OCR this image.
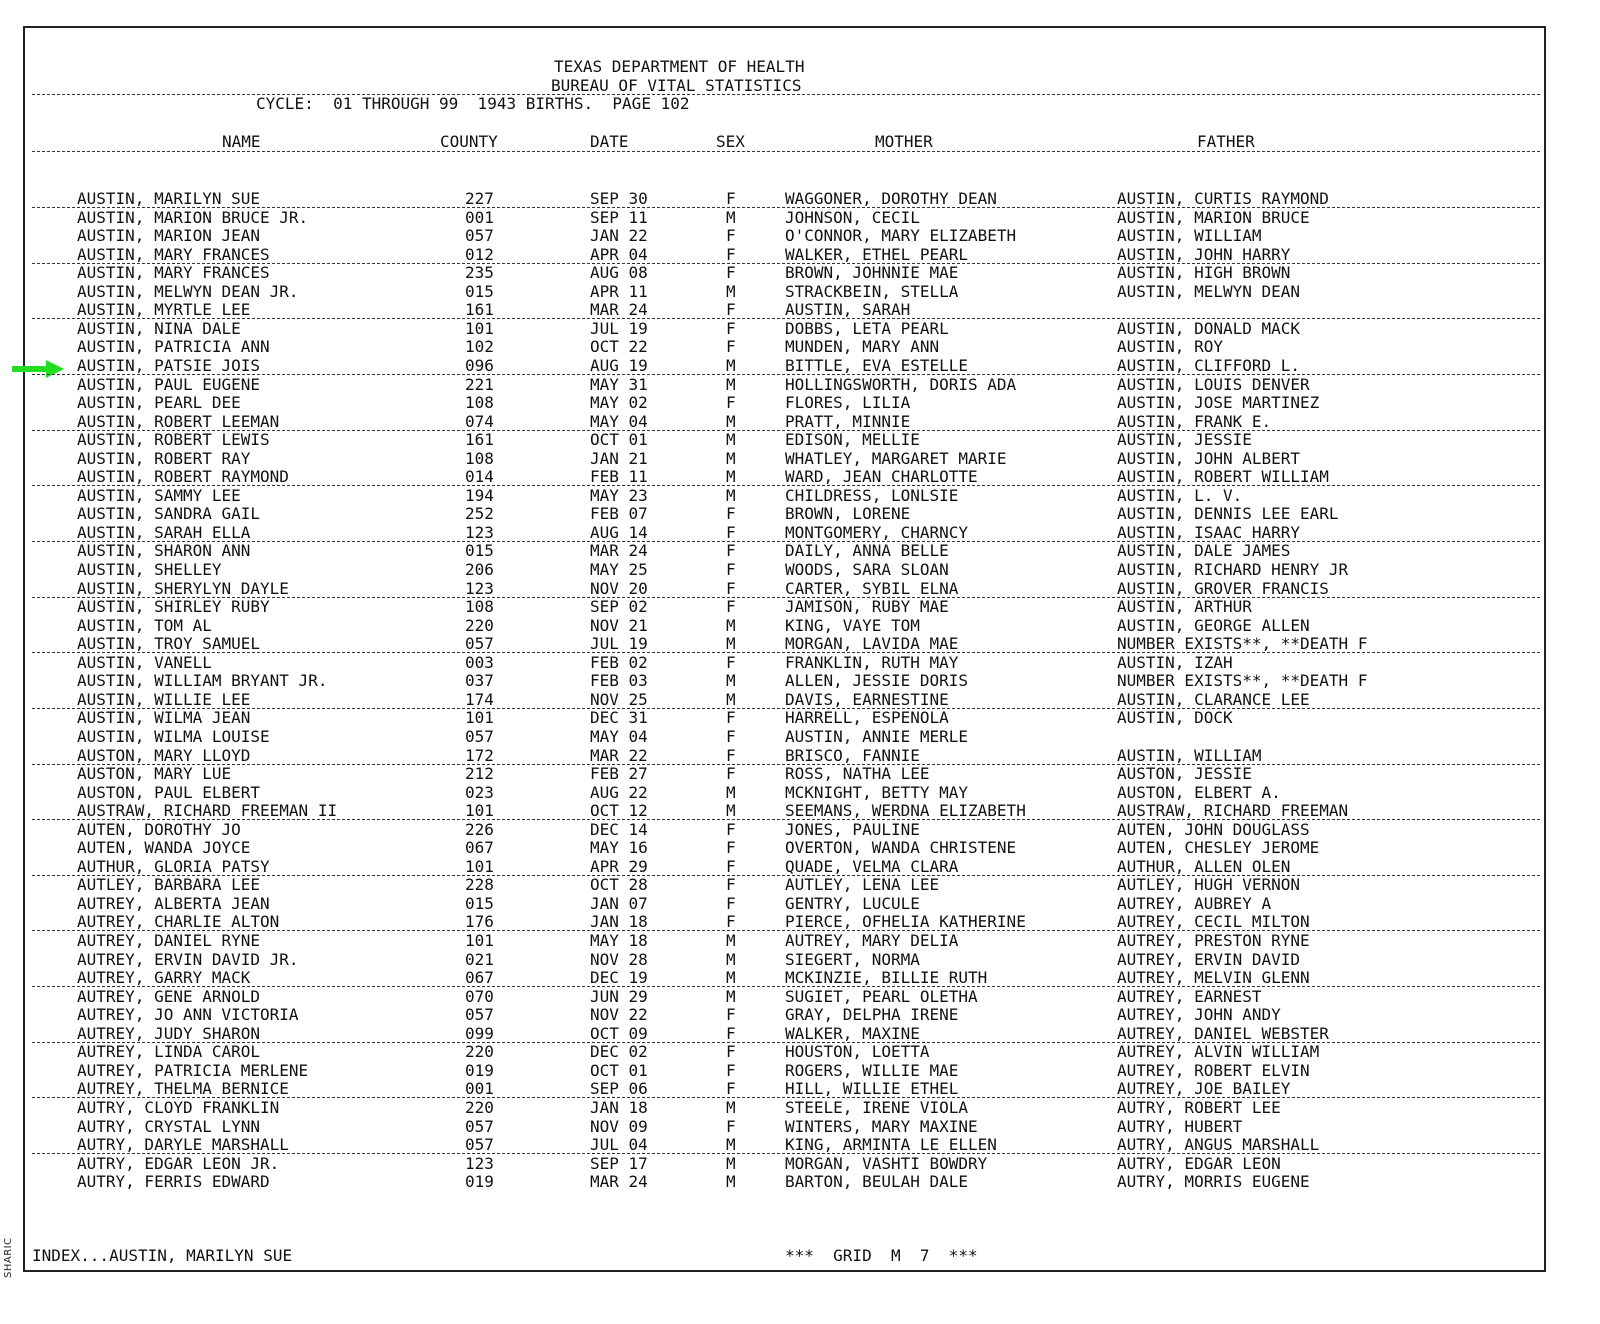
SHARIC
TEXAS DEPARTMENT OF HEALTH
BUREAU OF VITAL STATISTICS
CYCLE:  01 THROUGH 99  1943 BIRTHS.  PAGE 102
NAME	COUNTY	DATE	SEX	MOTHER	FATHER
AUSTIN, MARILYN SUE	227	SEP 30	F	WAGGONER, DOROTHY DEAN	AUSTIN, CURTIS RAYMOND
AUSTIN, MARION BRUCE JR.	001	SEP 11	M	JOHNSON, CECIL	AUSTIN, MARION BRUCE
AUSTIN, MARION JEAN	057	JAN 22	F	O'CONNOR, MARY ELIZABETH	AUSTIN, WILLIAM
AUSTIN, MARY FRANCES	012	APR 04	F	WALKER, ETHEL PEARL	AUSTIN, JOHN HARRY
AUSTIN, MARY FRANCES	235	AUG 08	F	BROWN, JOHNNIE MAE	AUSTIN, HIGH BROWN
AUSTIN, MELWYN DEAN JR.	015	APR 11	M	STRACKBEIN, STELLA	AUSTIN, MELWYN DEAN
AUSTIN, MYRTLE LEE	161	MAR 24	F	AUSTIN, SARAH
AUSTIN, NINA DALE	101	JUL 19	F	DOBBS, LETA PEARL	AUSTIN, DONALD MACK
AUSTIN, PATRICIA ANN	102	OCT 22	F	MUNDEN, MARY ANN	AUSTIN, ROY
AUSTIN, PATSIE JOIS	096	AUG 19	M	BITTLE, EVA ESTELLE	AUSTIN, CLIFFORD L.
AUSTIN, PAUL EUGENE	221	MAY 31	M	HOLLINGSWORTH, DORIS ADA	AUSTIN, LOUIS DENVER
AUSTIN, PEARL DEE	108	MAY 02	F	FLORES, LILIA	AUSTIN, JOSE MARTINEZ
AUSTIN, ROBERT LEEMAN	074	MAY 04	M	PRATT, MINNIE	AUSTIN, FRANK E.
AUSTIN, ROBERT LEWIS	161	OCT 01	M	EDISON, MELLIE	AUSTIN, JESSIE
AUSTIN, ROBERT RAY	108	JAN 21	M	WHATLEY, MARGARET MARIE	AUSTIN, JOHN ALBERT
AUSTIN, ROBERT RAYMOND	014	FEB 11	M	WARD, JEAN CHARLOTTE	AUSTIN, ROBERT WILLIAM
AUSTIN, SAMMY LEE	194	MAY 23	M	CHILDRESS, LONLSIE	AUSTIN, L. V.
AUSTIN, SANDRA GAIL	252	FEB 07	F	BROWN, LORENE	AUSTIN, DENNIS LEE EARL
AUSTIN, SARAH ELLA	123	AUG 14	F	MONTGOMERY, CHARNCY	AUSTIN, ISAAC HARRY
AUSTIN, SHARON ANN	015	MAR 24	F	DAILY, ANNA BELLE	AUSTIN, DALE JAMES
AUSTIN, SHELLEY	206	MAY 25	F	WOODS, SARA SLOAN	AUSTIN, RICHARD HENRY JR
AUSTIN, SHERYLYN DAYLE	123	NOV 20	F	CARTER, SYBIL ELNA	AUSTIN, GROVER FRANCIS
AUSTIN, SHIRLEY RUBY	108	SEP 02	F	JAMISON, RUBY MAE	AUSTIN, ARTHUR
AUSTIN, TOM AL	220	NOV 21	M	KING, VAYE TOM	AUSTIN, GEORGE ALLEN
AUSTIN, TROY SAMUEL	057	JUL 19	M	MORGAN, LAVIDA MAE	NUMBER EXISTS**, **DEATH F
AUSTIN, VANELL	003	FEB 02	F	FRANKLIN, RUTH MAY	AUSTIN, IZAH
AUSTIN, WILLIAM BRYANT JR.	037	FEB 03	M	ALLEN, JESSIE DORIS	NUMBER EXISTS**, **DEATH F
AUSTIN, WILLIE LEE	174	NOV 25	M	DAVIS, EARNESTINE	AUSTIN, CLARANCE LEE
AUSTIN, WILMA JEAN	101	DEC 31	F	HARRELL, ESPENOLA	AUSTIN, DOCK
AUSTIN, WILMA LOUISE	057	MAY 04	F	AUSTIN, ANNIE MERLE
AUSTON, MARY LLOYD	172	MAR 22	F	BRISCO, FANNIE	AUSTIN, WILLIAM
AUSTON, MARY LUE	212	FEB 27	F	ROSS, NATHA LEE	AUSTON, JESSIE
AUSTON, PAUL ELBERT	023	AUG 22	M	MCKNIGHT, BETTY MAY	AUSTON, ELBERT A.
AUSTRAW, RICHARD FREEMAN II	101	OCT 12	M	SEEMANS, WERDNA ELIZABETH	AUSTRAW, RICHARD FREEMAN
AUTEN, DOROTHY JO	226	DEC 14	F	JONES, PAULINE	AUTEN, JOHN DOUGLASS
AUTEN, WANDA JOYCE	067	MAY 16	F	OVERTON, WANDA CHRISTENE	AUTEN, CHESLEY JEROME
AUTHUR, GLORIA PATSY	101	APR 29	F	QUADE, VELMA CLARA	AUTHUR, ALLEN OLEN
AUTLEY, BARBARA LEE	228	OCT 28	F	AUTLEY, LENA LEE	AUTLEY, HUGH VERNON
AUTREY, ALBERTA JEAN	015	JAN 07	F	GENTRY, LUCULE	AUTREY, AUBREY A
AUTREY, CHARLIE ALTON	176	JAN 18	F	PIERCE, OFHELIA KATHERINE	AUTREY, CECIL MILTON
AUTREY, DANIEL RYNE	101	MAY 18	M	AUTREY, MARY DELIA	AUTREY, PRESTON RYNE
AUTREY, ERVIN DAVID JR.	021	NOV 28	M	SIEGERT, NORMA	AUTREY, ERVIN DAVID
AUTREY, GARRY MACK	067	DEC 19	M	MCKINZIE, BILLIE RUTH	AUTREY, MELVIN GLENN
AUTREY, GENE ARNOLD	070	JUN 29	M	SUGIET, PEARL OLETHA	AUTREY, EARNEST
AUTREY, JO ANN VICTORIA	057	NOV 22	F	GRAY, DELPHA IRENE	AUTREY, JOHN ANDY
AUTREY, JUDY SHARON	099	OCT 09	F	WALKER, MAXINE	AUTREY, DANIEL WEBSTER
AUTREY, LINDA CAROL	220	DEC 02	F	HOUSTON, LOETTA	AUTREY, ALVIN WILLIAM
AUTREY, PATRICIA MERLENE	019	OCT 01	F	ROGERS, WILLIE MAE	AUTREY, ROBERT ELVIN
AUTREY, THELMA BERNICE	001	SEP 06	F	HILL, WILLIE ETHEL	AUTREY, JOE BAILEY
AUTRY, CLOYD FRANKLIN	220	JAN 18	M	STEELE, IRENE VIOLA	AUTRY, ROBERT LEE
AUTRY, CRYSTAL LYNN	057	NOV 09	F	WINTERS, MARY MAXINE	AUTRY, HUBERT
AUTRY, DARYLE MARSHALL	057	JUL 04	M	KING, ARMINTA LE ELLEN	AUTRY, ANGUS MARSHALL
AUTRY, EDGAR LEON JR.	123	SEP 17	M	MORGAN, VASHTI BOWDRY	AUTRY, EDGAR LEON
AUTRY, FERRIS EDWARD	019	MAR 24	M	BARTON, BEULAH DALE	AUTRY, MORRIS EUGENE
INDEX...AUSTIN, MARILYN SUE	***  GRID  M  7  ***
